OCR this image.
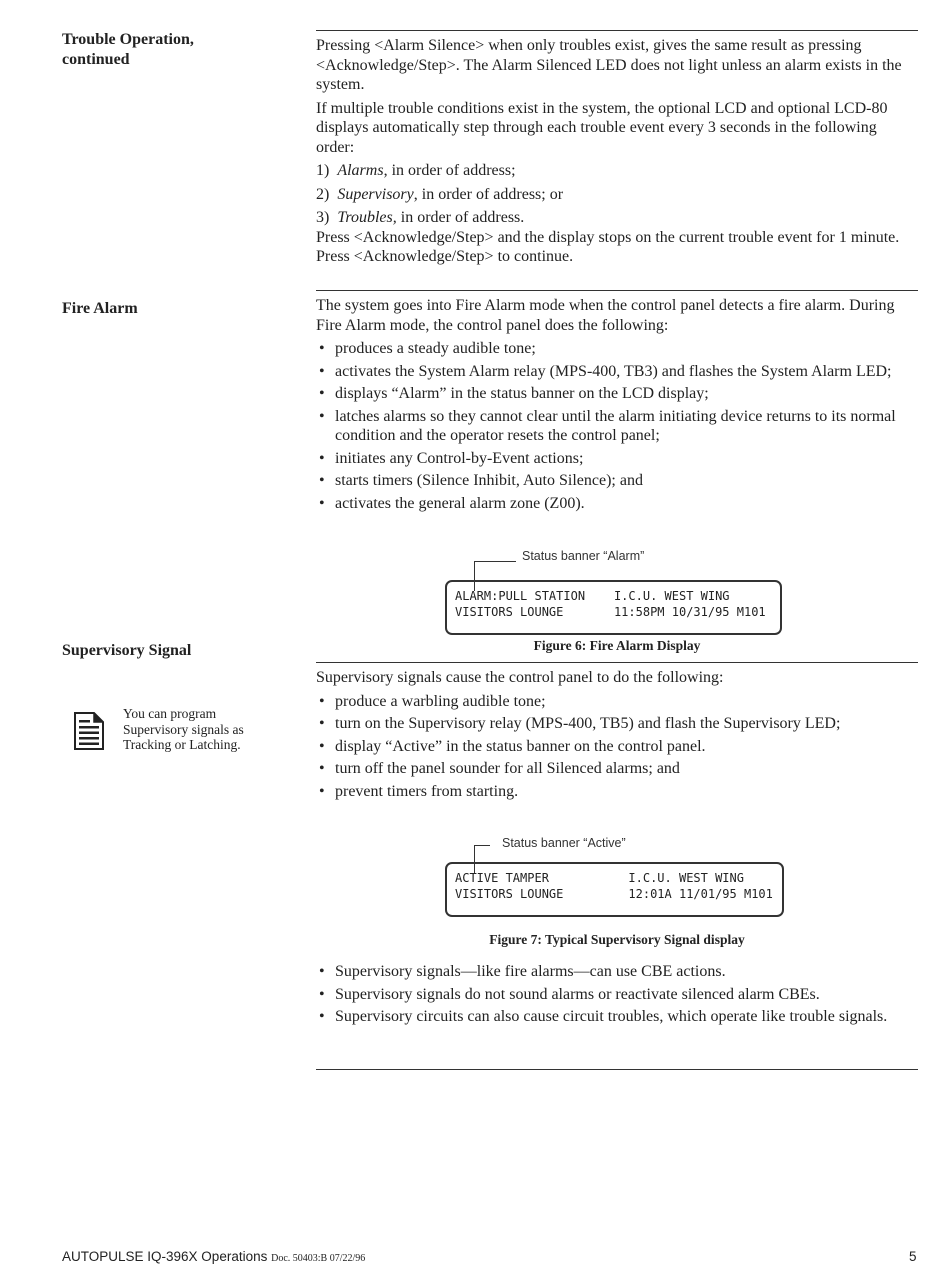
Trouble Operation,
continued

Pressing <Alarm Silence> when only troubles exist, gives the same result as pressing <Acknowledge/Step>. The Alarm Silenced LED does not light unless an alarm exists in the system.

If multiple trouble conditions exist in the system, the optional LCD and optional LCD-80 displays automatically step through each trouble event every 3 seconds in the following order:

1) Alarms, in order of address;
2) Supervisory, in order of address; or
3) Troubles, in order of address.

Press <Acknowledge/Step> and the display stops on the current trouble event for 1 minute. Press <Acknowledge/Step> to continue.

Fire Alarm	The system goes into Fire Alarm mode when the control panel detects a fire alarm. During Fire Alarm mode, the control panel does the following:

• produces a steady audible tone;
• activates the System Alarm relay (MPS-400, TB3) and flashes the System Alarm LED;
• displays “Alarm” in the status banner on the LCD display;
• latches alarms so they cannot clear until the alarm initiating device returns to its normal condition and the operator resets the control panel;
• initiates any Control-by-Event actions;
• starts timers (Silence Inhibit, Auto Silence); and
• activates the general alarm zone (Z00).
Status banner “Alarm”
ALARM:PULL STATION    I.C.U. WEST WING
VISITORS LOUNGE       11:58PM 10/31/95 M101
Figure 6: Fire Alarm Display
Supervisory Signal
You can program Supervisory signals as Tracking or Latching.

Supervisory signals cause the control panel to do the following:

• produce a warbling audible tone;
• turn on the Supervisory relay (MPS-400, TB5) and flash the Supervisory LED;
• display “Active” in the status banner on the control panel.
• turn off the panel sounder for all Silenced alarms; and
• prevent timers from starting.
Status banner “Active”
ACTIVE TAMPER           I.C.U. WEST WING
VISITORS LOUNGE         12:01A 11/01/95 M101
Figure 7: Typical Supervisory Signal display
• Supervisory signals—like fire alarms—can use CBE actions.
• Supervisory signals do not sound alarms or reactivate silenced alarm CBEs.
• Supervisory circuits can also cause circuit troubles, which operate like trouble signals.
AUTOPULSE IQ-396X Operations Doc. 50403:B 07/22/96	5
